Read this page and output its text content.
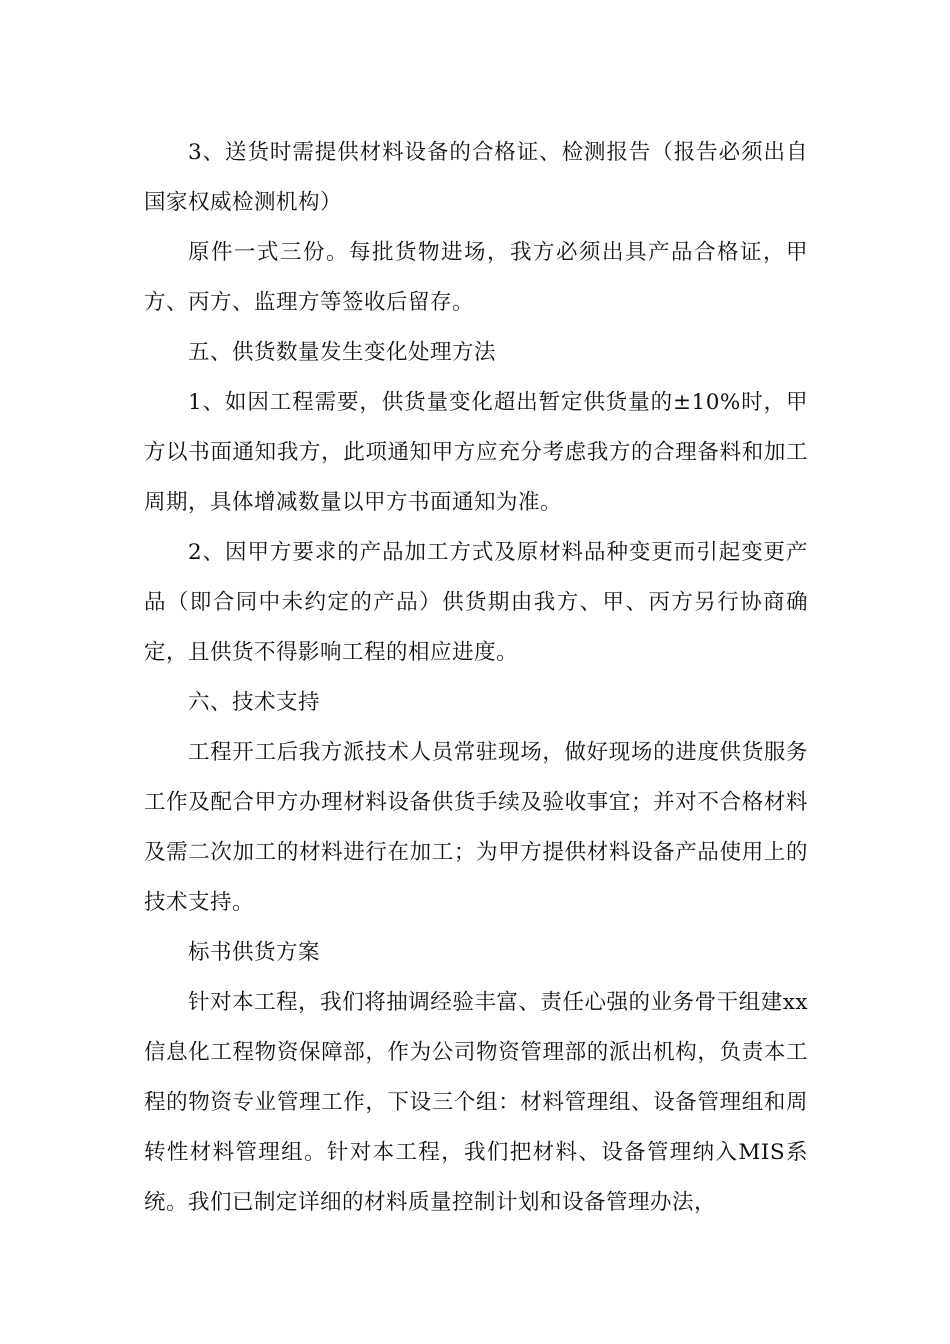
3、送货时需提供材料设备的合格证、检测报告（报告必须出自国家权威检测机构）

原件一式三份。每批货物进场，我方必须出具产品合格证，甲方、丙方、监理方等签收后留存。

五、供货数量发生变化处理方法

1、如因工程需要，供货量变化超出暂定供货量的±10%时，甲方以书面通知我方，此项通知甲方应充分考虑我方的合理备料和加工周期，具体增减数量以甲方书面通知为准。

2、因甲方要求的产品加工方式及原材料品种变更而引起变更产品（即合同中未约定的产品）供货期由我方、甲、丙方另行协商确定，且供货不得影响工程的相应进度。

六、技术支持

工程开工后我方派技术人员常驻现场，做好现场的进度供货服务工作及配合甲方办理材料设备供货手续及验收事宜；并对不合格材料及需二次加工的材料进行在加工；为甲方提供材料设备产品使用上的技术支持。

标书供货方案

针对本工程，我们将抽调经验丰富、责任心强的业务骨干组建xx信息化工程物资保障部，作为公司物资管理部的派出机构，负责本工程的物资专业管理工作，下设三个组：材料管理组、设备管理组和周转性材料管理组。针对本工程，我们把材料、设备管理纳入MIS系统。我们已制定详细的材料质量控制计划和设备管理办法，
